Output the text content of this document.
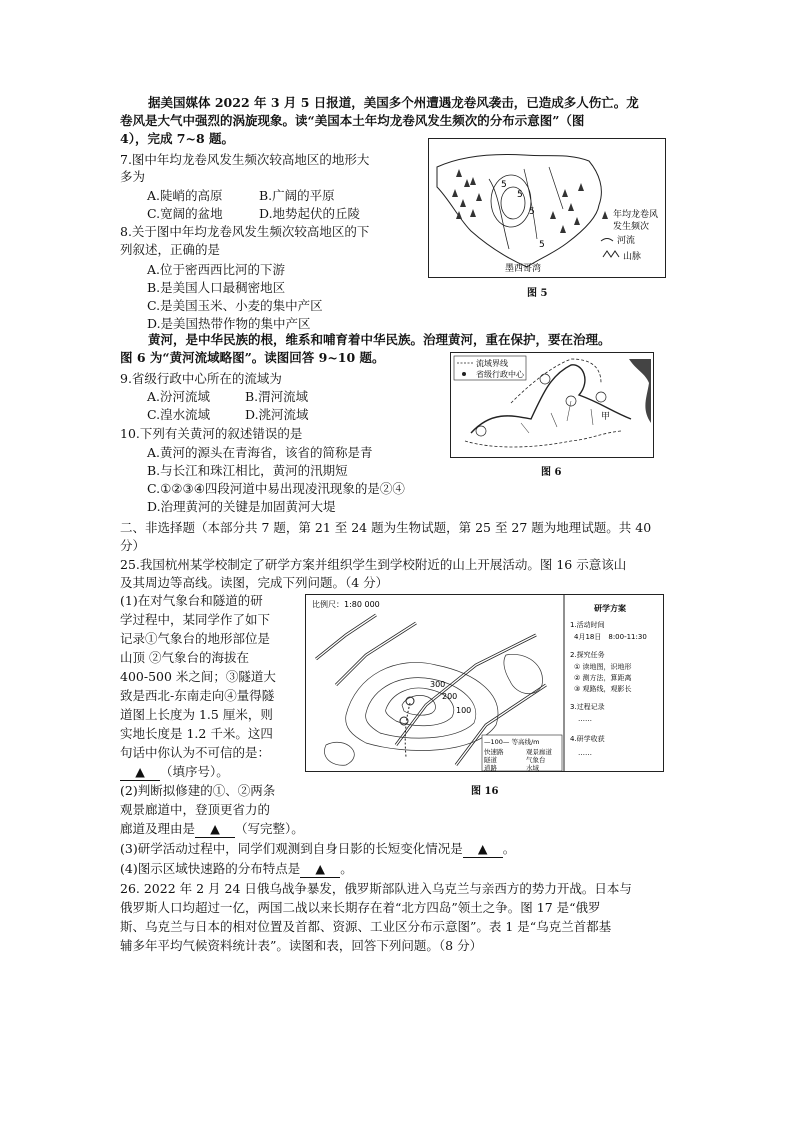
据美国媒体 2022 年 3 月 5 日报道，美国多个州遭遇龙卷风袭击，已造成多人伤亡。龙
卷风是大气中强烈的涡旋现象。读“美国本土年均龙卷风发生频次的分布示意图”（图
4），完成 7~8 题。
7.图中年均龙卷风发生频次较高地区的地形大
多为
A.陡峭的高原	B.广阔的平原
C.宽阔的盆地	D.地势起伏的丘陵
8.关于图中年均龙卷风发生频次较高地区的下
列叙述，正确的是
A.位于密西西比河的下游
B.是美国人口最稠密地区
C.是美国玉米、小麦的集中产区
D.是美国热带作物的集中产区
5
5
5
5
墨西哥湾
年均龙卷风
发生频次
河流
山脉
图 5
黄河，是中华民族的根，维系和哺育着中华民族。治理黄河，重在保护，要在治理。
图 6 为“黄河流域略图”。读图回答 9~10 题。
9.省级行政中心所在的流域为
A.汾河流域	B.渭河流域
C.湟水流域	D.洮河流域
10.下列有关黄河的叙述错误的是
A.黄河的源头在青海省，该省的简称是青
B.与长江和珠江相比，黄河的汛期短
C.①②③④四段河道中易出现凌汛现象的是②④
D.治理黄河的关键是加固黄河大堤
流域界线
省级行政中心
甲
图 6
二、非选择题（本部分共 7 题，第 21 至 24 题为生物试题，第 25 至 27 题为地理试题。共 40
分）
25.我国杭州某学校制定了研学方案并组织学生到学校附近的山上开展活动。图 16 示意该山
及其周边等高线。读图，完成下列问题。（4 分）
(1)在对气象台和隧道的研
学过程中，某同学作了如下
记录①气象台的地形部位是
山顶 ②气象台的海拔在
400-500 米之间；③隧道大
致是西北-东南走向④量得隧
道图上长度为 1.5 厘米，则
实地长度是 1.2 千米。这四
句话中你认为不可信的是：
▲ （填序号）。
(2)判断拟修建的①、②两条
观景廊道中，登顶更省力的
廊道及理由是 ▲ （写完整）。
(3)研学活动过程中，同学们观测到自身日影的长短变化情况是 ▲ 。
(4)图示区域快速路的分布特点是 ▲ 。
比例尺：1:80 000
300
200
100
—100— 等高线/m
快速路	观景廊道
隧道	气象台
道路	水域
研学方案
1.活动时间
4月18日　8:00-11:30
2.探究任务
① 读地图，识地形
② 测方法，算距离
③ 观路线，观影长
3.过程记录
……
4.研学收获
……
图 16
26. 2022 年 2 月 24 日俄乌战争暴发，俄罗斯部队进入乌克兰与亲西方的势力开战。日本与
俄罗斯人口均超过一亿，两国二战以来长期存在着“北方四岛”领土之争。图 17 是“俄罗
斯、乌克兰与日本的相对位置及首都、资源、工业区分布示意图”。表 1 是“乌克兰首都基
辅多年平均气候资料统计表”。读图和表，回答下列问题。（8 分）
